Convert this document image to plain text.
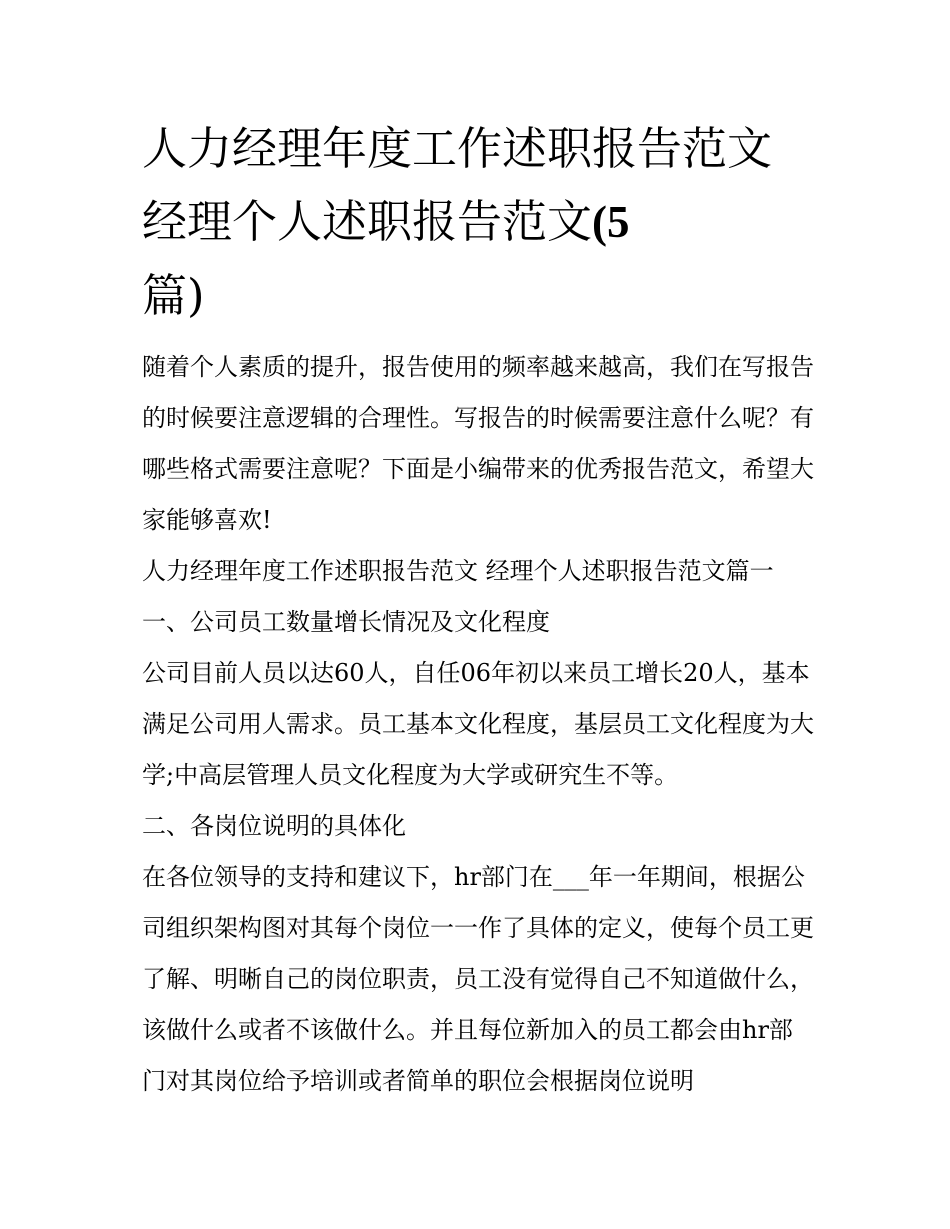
人力经理年度工作述职报告范文 经理个人述职报告范文(5
篇)

随着个人素质的提升，报告使用的频率越来越高，我们在写报告的时候要注意逻辑的合理性。写报告的时候需要注意什么呢？有哪些格式需要注意呢？下面是小编带来的优秀报告范文，希望大家能够喜欢!

人力经理年度工作述职报告范文 经理个人述职报告范文篇一

一、公司员工数量增长情况及文化程度

公司目前人员以达60人，自任06年初以来员工增长20人，基本满足公司用人需求。员工基本文化程度，基层员工文化程度为大学;中高层管理人员文化程度为大学或研究生不等。

二、各岗位说明的具体化

在各位领导的支持和建议下，hr部门在___年一年期间，根据公司组织架构图对其每个岗位一一作了具体的定义，使每个员工更了解、明晰自己的岗位职责，员工没有觉得自己不知道做什么，该做什么或者不该做什么。并且每位新加入的员工都会由hr部门对其岗位给予培训或者简单的职位会根据岗位说明
